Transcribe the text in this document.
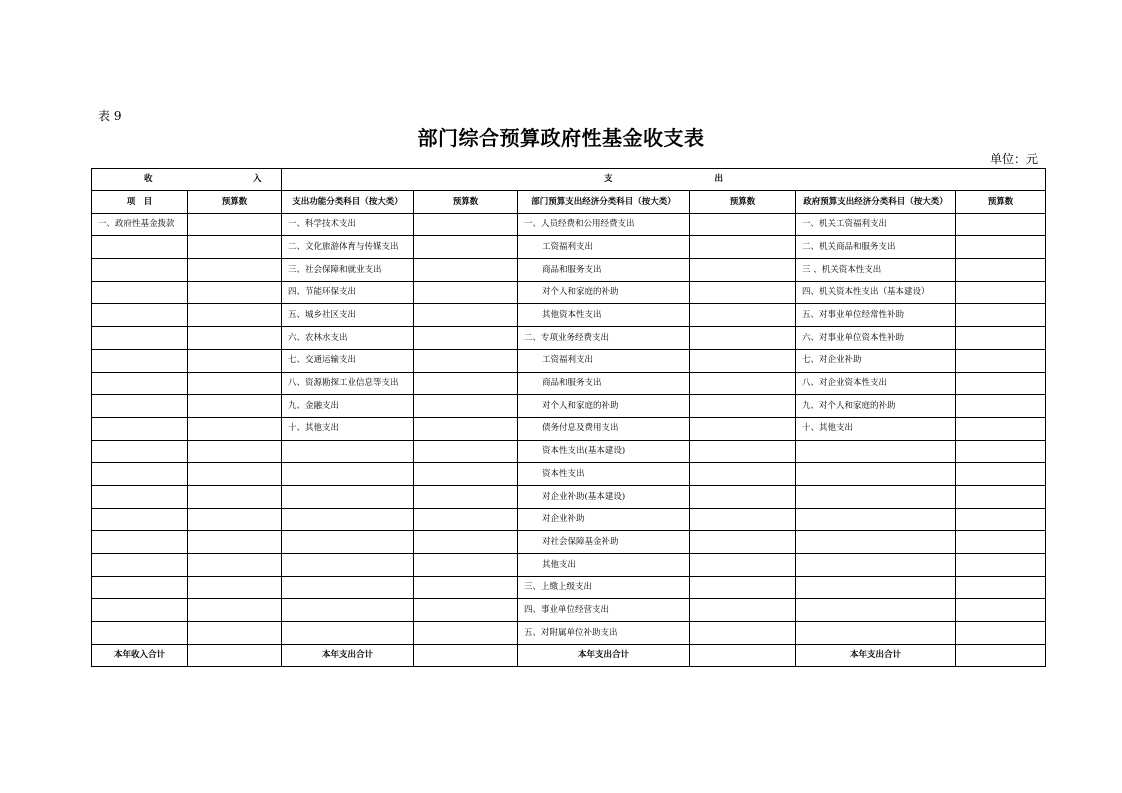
表 9
部门综合预算政府性基金收支表
单位：元
收　入		支　　　　　　　　　　　　出					
项　目	预算数	支出功能分类科目（按大类）	预算数	部门预算支出经济分类科目（按大类）	预算数	政府预算支出经济分类科目（按大类）	预算数
一、政府性基金拨款		一、科学技术支出		一、人员经费和公用经费支出		一、机关工资福利支出	
		二、文化旅游体育与传媒支出		工资福利支出		二、机关商品和服务支出	
		三、社会保障和就业支出		商品和服务支出		三 、机关资本性支出	
		四、节能环保支出		对个人和家庭的补助		四、机关资本性支出（基本建设）	
		五、城乡社区支出		其他资本性支出		五、对事业单位经常性补助	
		六、农林水支出		二、专项业务经费支出		六、对事业单位资本性补助	
		七、交通运输支出		工资福利支出		七、对企业补助	
		八、资源勘探工业信息等支出		商品和服务支出		八、对企业资本性支出	
		九、金融支出		对个人和家庭的补助		九、对个人和家庭的补助	
		十、其他支出		债务付息及费用支出		十、其他支出	
				资本性支出(基本建设)			
				资本性支出			
				对企业补助(基本建设)			
				对企业补助			
				对社会保障基金补助			
				其他支出			
				三、上缴上级支出			
				四、事业单位经营支出			
				五、对附属单位补助支出			
本年收入合计		本年支出合计		本年支出合计		本年支出合计	
